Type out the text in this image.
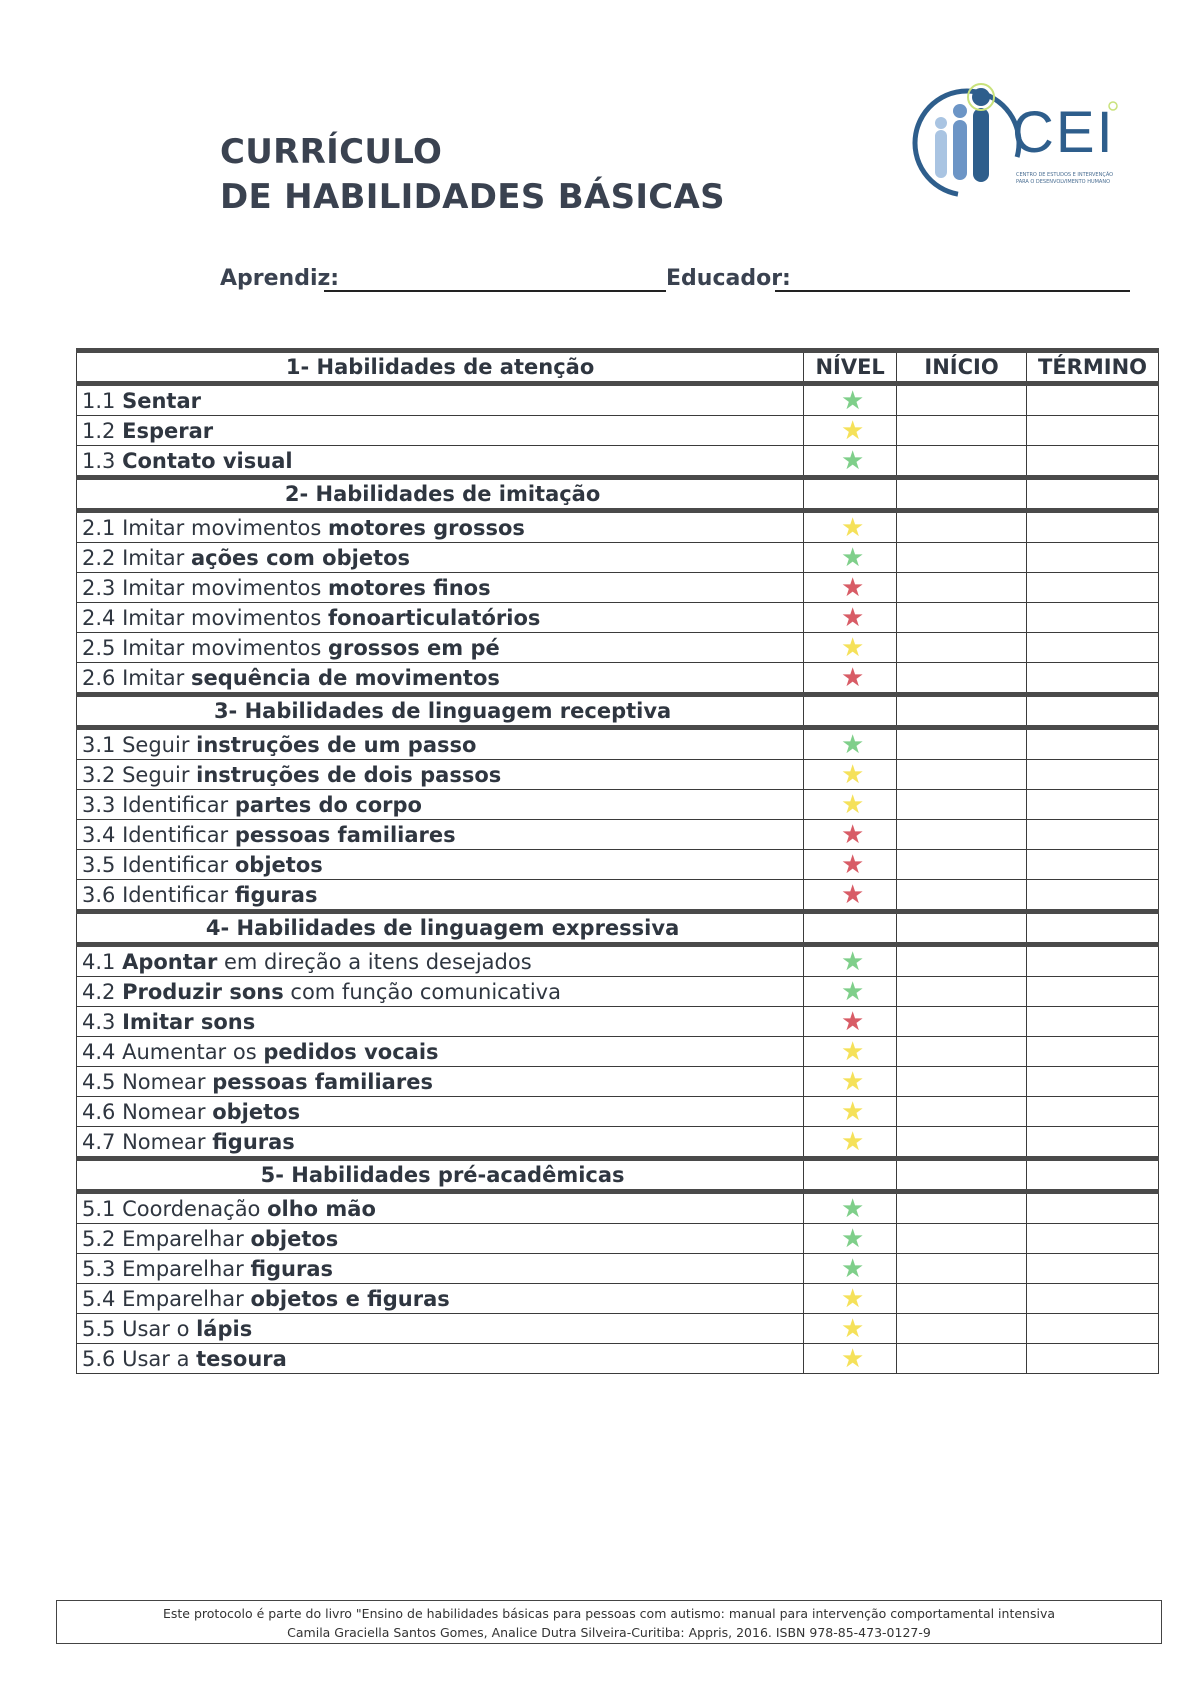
CURRÍCULO
DE HABILIDADES BÁSICAS
CEI
CENTRO DE ESTUDOS E INTERVENÇÃO PARA O DESENVOLVIMENTO HUMANO
Aprendiz:	Educador:
1- Habilidades de atenção	NÍVEL	INÍCIO	TÉRMINO
1.1 Sentar	★		
1.2 Esperar	★		
1.3 Contato visual	★		
2- Habilidades de imitação			
2.1 Imitar movimentos motores grossos	★		
2.2 Imitar ações com objetos	★		
2.3 Imitar movimentos motores finos	★		
2.4 Imitar movimentos fonoarticulatórios	★		
2.5 Imitar movimentos grossos em pé	★		
2.6 Imitar sequência de movimentos	★		
3- Habilidades de linguagem receptiva			
3.1 Seguir instruções de um passo	★		
3.2 Seguir instruções de dois passos	★		
3.3 Identificar partes do corpo	★		
3.4 Identificar pessoas familiares	★		
3.5 Identificar objetos	★		
3.6 Identificar figuras	★		
4- Habilidades de linguagem expressiva			
4.1 Apontar em direção a itens desejados	★		
4.2 Produzir sons com função comunicativa	★		
4.3 Imitar sons	★		
4.4 Aumentar os pedidos vocais	★		
4.5 Nomear pessoas familiares	★		
4.6 Nomear objetos	★		
4.7 Nomear figuras	★		
5- Habilidades pré-acadêmicas			
5.1 Coordenação olho mão	★		
5.2 Emparelhar objetos	★		
5.3 Emparelhar figuras	★		
5.4 Emparelhar objetos e figuras	★		
5.5 Usar o lápis	★		
5.6 Usar a tesoura	★		
Este protocolo é parte do livro "Ensino de habilidades básicas para pessoas com autismo: manual para intervenção comportamental intensiva
Camila Graciella Santos Gomes, Analice Dutra Silveira-Curitiba: Appris, 2016. ISBN 978-85-473-0127-9
